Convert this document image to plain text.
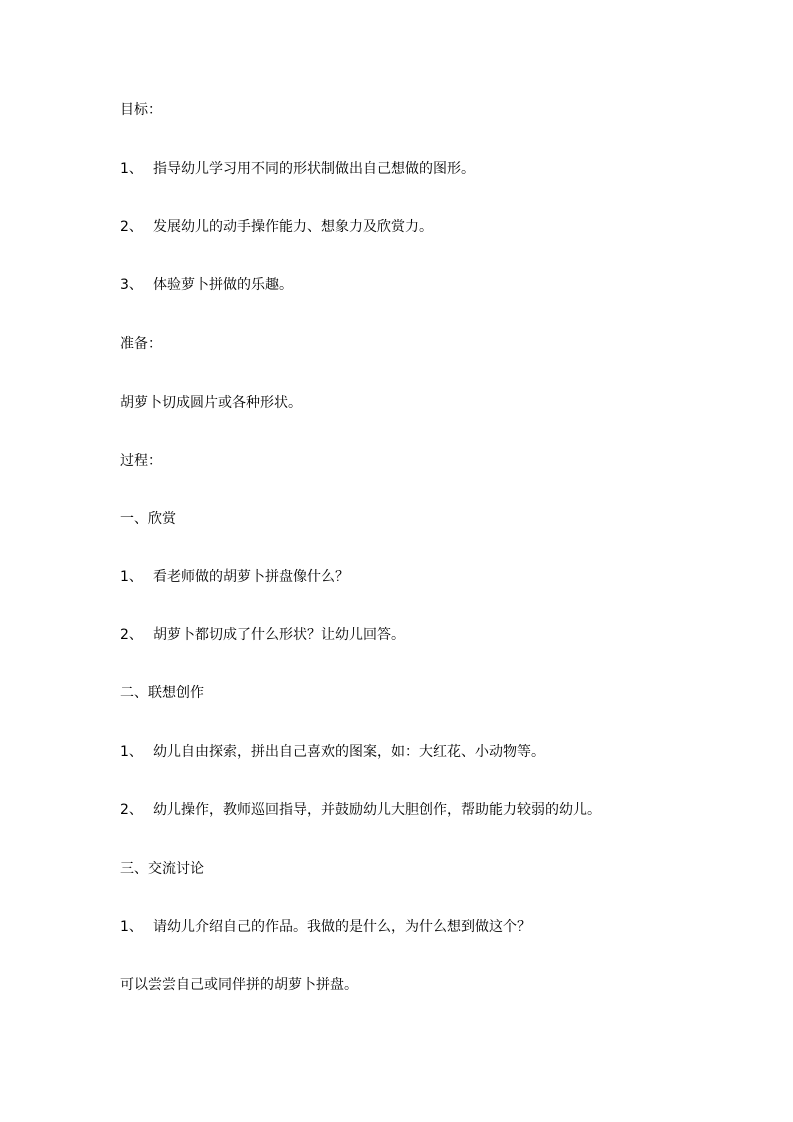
目标：
1、 指导幼儿学习用不同的形状制做出自己想做的图形。
2、 发展幼儿的动手操作能力、想象力及欣赏力。
3、 体验萝卜拼做的乐趣。
准备：
胡萝卜切成圆片或各种形状。
过程：
一、欣赏
1、 看老师做的胡萝卜拼盘像什么？
2、 胡萝卜都切成了什么形状？让幼儿回答。
二、联想创作
1、 幼儿自由探索，拼出自己喜欢的图案，如：大红花、小动物等。
2、 幼儿操作，教师巡回指导，并鼓励幼儿大胆创作，帮助能力较弱的幼儿。
三、交流讨论
1、 请幼儿介绍自己的作品。我做的是什么，为什么想到做这个？
可以尝尝自己或同伴拼的胡萝卜拼盘。
